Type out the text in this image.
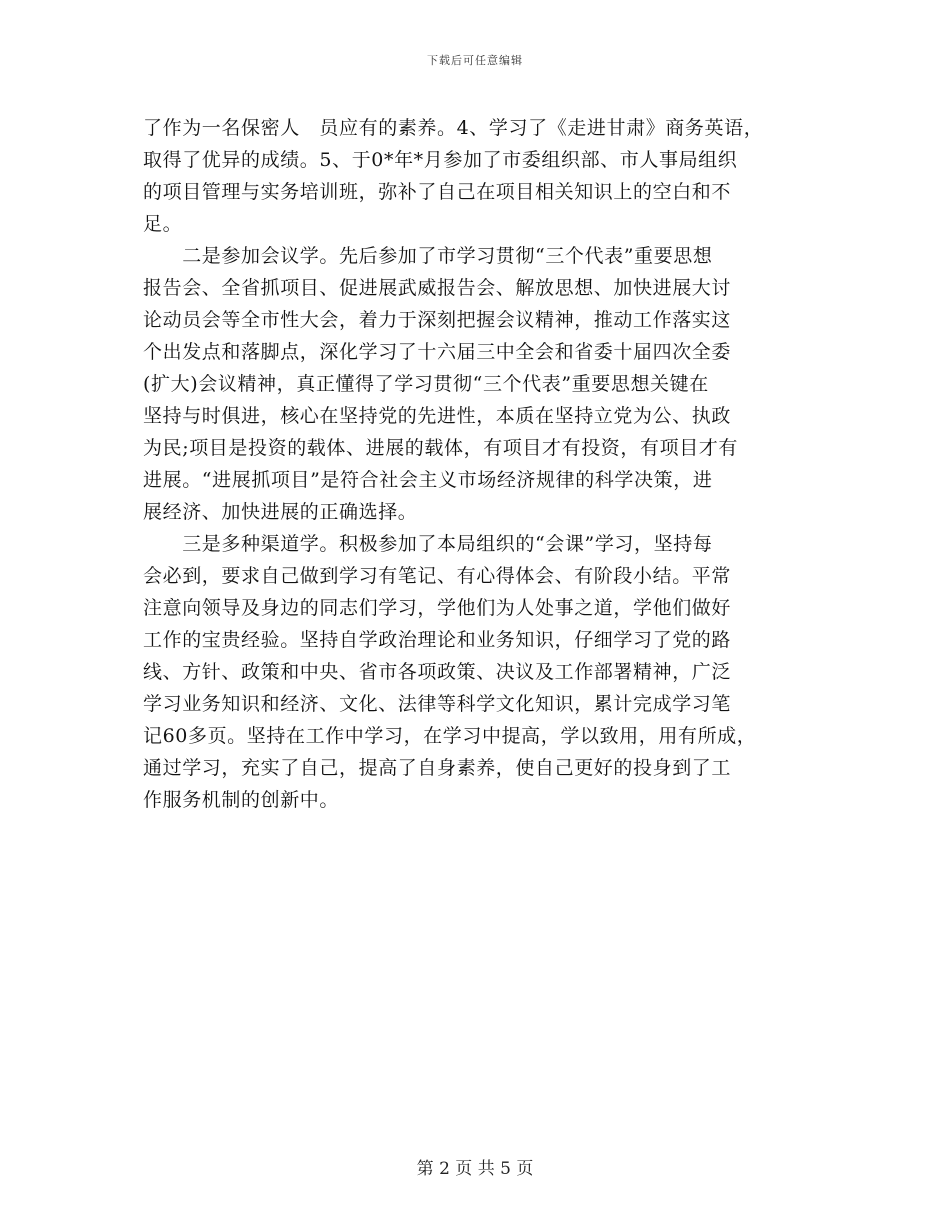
下载后可任意编辑
了作为一名保密人　员应有的素养。4、学习了《走进甘肃》商务英语，
取得了优异的成绩。5、于0*年*月参加了市委组织部、市人事局组织
的项目管理与实务培训班，弥补了自己在项目相关知识上的空白和不
足。
　　二是参加会议学。先后参加了市学习贯彻“三个代表”重要思想
报告会、全省抓项目、促进展武威报告会、解放思想、加快进展大讨
论动员会等全市性大会，着力于深刻把握会议精神，推动工作落实这
个出发点和落脚点，深化学习了十六届三中全会和省委十届四次全委
(扩大)会议精神，真正懂得了学习贯彻“三个代表”重要思想关键在
坚持与时俱进，核心在坚持党的先进性，本质在坚持立党为公、执政
为民;项目是投资的载体、进展的载体，有项目才有投资，有项目才有
进展。“进展抓项目”是符合社会主义市场经济规律的科学决策，进
展经济、加快进展的正确选择。
　　三是多种渠道学。积极参加了本局组织的“会课”学习，坚持每
会必到，要求自己做到学习有笔记、有心得体会、有阶段小结。平常
注意向领导及身边的同志们学习，学他们为人处事之道，学他们做好
工作的宝贵经验。坚持自学政治理论和业务知识，仔细学习了党的路
线、方针、政策和中央、省市各项政策、决议及工作部署精神，广泛
学习业务知识和经济、文化、法律等科学文化知识，累计完成学习笔
记60多页。坚持在工作中学习，在学习中提高，学以致用，用有所成，
通过学习，充实了自己，提高了自身素养，使自己更好的投身到了工
作服务机制的创新中。
第 2 页 共 5 页
